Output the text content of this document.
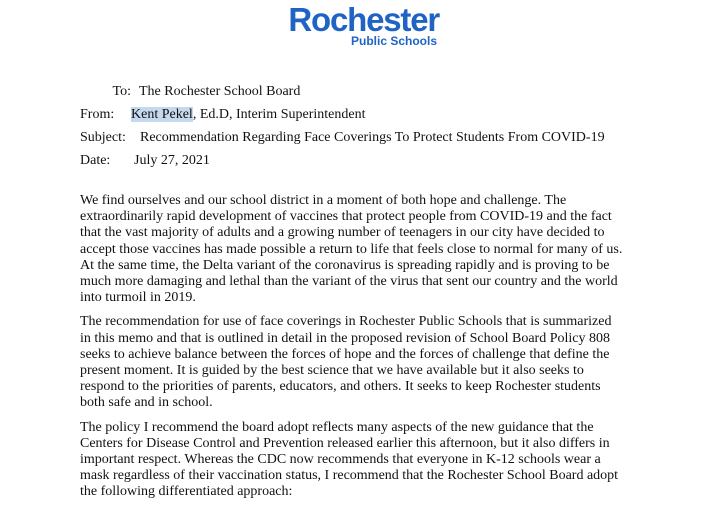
Rochester
Public Schools
To: The Rochester School Board
From:	Kent Pekel, Ed.D, Interim Superintendent
Subject:	Recommendation Regarding Face Coverings To Protect Students From COVID-19
Date:	July 27, 2021

We find ourselves and our school district in a moment of both hope and challenge. The extraordinarily rapid development of vaccines that protect people from COVID-19 and the fact that the vast majority of adults and a growing number of teenagers in our city have decided to accept those vaccines has made possible a return to life that feels close to normal for many of us. At the same time, the Delta variant of the coronavirus is spreading rapidly and is proving to be much more damaging and lethal than the variant of the virus that sent our country and the world into turmoil in 2019.

The recommendation for use of face coverings in Rochester Public Schools that is summarized in this memo and that is outlined in detail in the proposed revision of School Board Policy 808 seeks to achieve balance between the forces of hope and the forces of challenge that define the present moment. It is guided by the best science that we have available but it also seeks to respond to the priorities of parents, educators, and others. It seeks to keep Rochester students both safe and in school.

The policy I recommend the board adopt reflects many aspects of the new guidance that the Centers for Disease Control and Prevention released earlier this afternoon, but it also differs in important respect. Whereas the CDC now recommends that everyone in K-12 schools wear a mask regardless of their vaccination status, I recommend that the Rochester School Board adopt the following differentiated approach:
